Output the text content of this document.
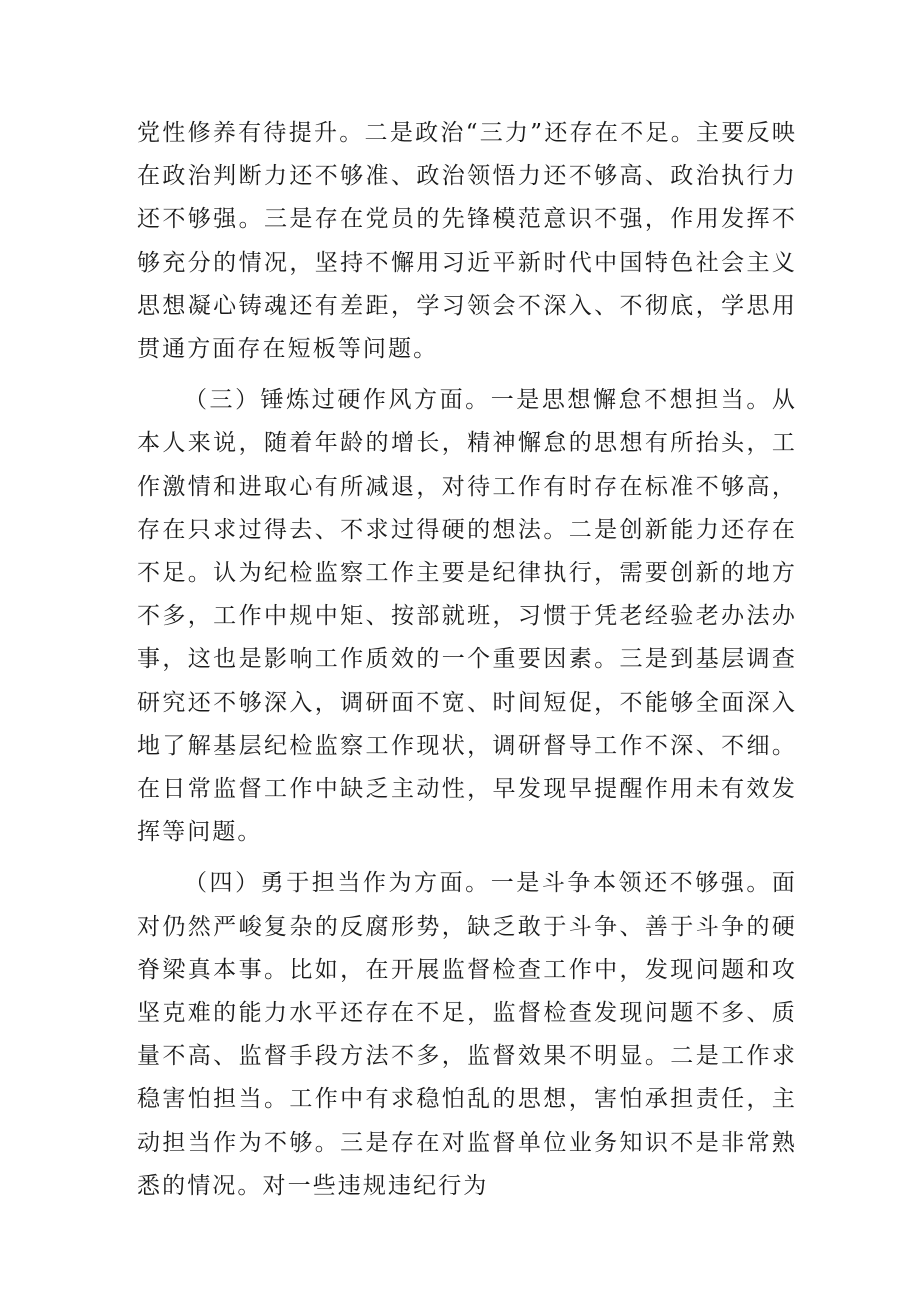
党性修养有待提升。二是政治“三力”还存在不足。主要反映在政治判断力还不够准、政治领悟力还不够高、政治执行力还不够强。三是存在党员的先锋模范意识不强，作用发挥不够充分的情况，坚持不懈用习近平新时代中国特色社会主义思想凝心铸魂还有差距，学习领会不深入、不彻底，学思用贯通方面存在短板等问题。

（三）锤炼过硬作风方面。一是思想懈怠不想担当。从本人来说，随着年龄的增长，精神懈怠的思想有所抬头，工作激情和进取心有所减退，对待工作有时存在标准不够高，存在只求过得去、不求过得硬的想法。二是创新能力还存在不足。认为纪检监察工作主要是纪律执行，需要创新的地方不多，工作中规中矩、按部就班，习惯于凭老经验老办法办事，这也是影响工作质效的一个重要因素。三是到基层调查研究还不够深入，调研面不宽、时间短促，不能够全面深入地了解基层纪检监察工作现状，调研督导工作不深、不细。在日常监督工作中缺乏主动性，早发现早提醒作用未有效发挥等问题。

（四）勇于担当作为方面。一是斗争本领还不够强。面对仍然严峻复杂的反腐形势，缺乏敢于斗争、善于斗争的硬脊梁真本事。比如，在开展监督检查工作中，发现问题和攻坚克难的能力水平还存在不足，监督检查发现问题不多、质量不高、监督手段方法不多，监督效果不明显。二是工作求稳害怕担当。工作中有求稳怕乱的思想，害怕承担责任，主动担当作为不够。三是存在对监督单位业务知识不是非常熟悉的情况。对一些违规违纪行为
